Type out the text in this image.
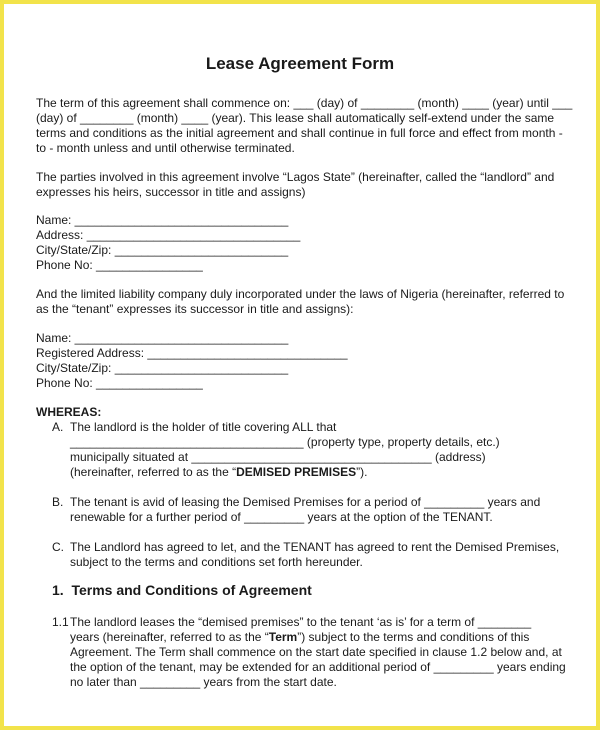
Lease Agreement Form
The term of this agreement shall commence on: ___ (day) of ________ (month) ____ (year) until ___
(day) of ________ (month) ____ (year). This lease shall automatically self-extend under the same
terms and conditions as the initial agreement and shall continue in full force and effect from month -
to - month unless and until otherwise terminated.
The parties involved in this agreement involve “Lagos State” (hereinafter, called the “landlord” and
expresses his heirs, successor in title and assigns)
Name: ________________________________
Address: ________________________________
City/State/Zip: __________________________
Phone No: ________________
And the limited liability company duly incorporated under the laws of Nigeria (hereinafter, referred to
as the “tenant” expresses its successor in title and assigns):
Name: ________________________________
Registered Address: ______________________________
City/State/Zip: __________________________
Phone No: ________________
WHEREAS:
A. The landlord is the holder of title covering ALL that
___________________________________ (property type, property details, etc.)
municipally situated at ____________________________________ (address)
(hereinafter, referred to as the “DEMISED PREMISES”).
B. The tenant is avid of leasing the Demised Premises for a period of _________ years and
renewable for a further period of _________ years at the option of the TENANT.
C. The Landlord has agreed to let, and the TENANT has agreed to rent the Demised Premises,
subject to the terms and conditions set forth hereunder.
1.  Terms and Conditions of Agreement
1.1 The landlord leases the “demised premises” to the tenant ‘as is’ for a term of ________
years (hereinafter, referred to as the “Term”) subject to the terms and conditions of this
Agreement. The Term shall commence on the start date specified in clause 1.2 below and, at
the option of the tenant, may be extended for an additional period of _________ years ending
no later than _________ years from the start date.
